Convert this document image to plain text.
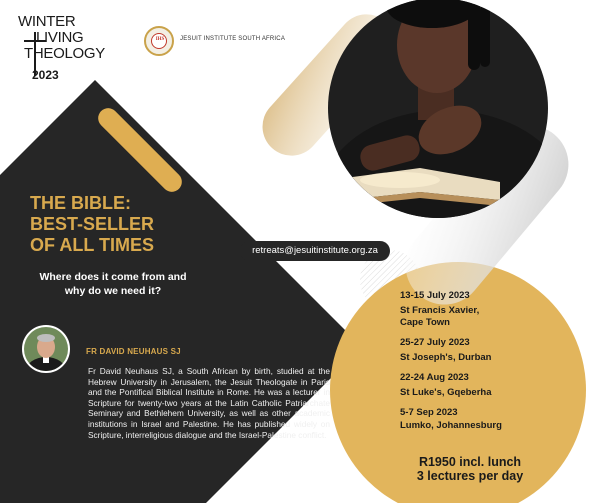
WINTER
LIVING
THEOLOGY
2023
IHS	JESUIT INSTITUTE SOUTH AFRICA
THE BIBLE:
BEST-SELLER
OF ALL TIMES
Where does it come from and
why do we need it?
retreats@jesuitinstitute.org.za
FR DAVID NEUHAUS SJ
Fr David Neuhaus SJ, a South African by birth, studied at the Hebrew University in Jerusalem, the Jesuit Theologate in Paris and the Pontifical Biblical Institute in Rome. He was a lecturer in Scripture for twenty-two years at the Latin Catholic Patriarchate Seminary and Bethlehem University, as well as other academic institutions in Israel and Palestine. He has published widely on Scripture, interreligious dialogue and the Israel-Palestine conflict.
13-15 July 2023
St Francis Xavier,
Cape Town
25-27 July 2023
St Joseph's, Durban
22-24 Aug 2023
St Luke's, Gqeberha
5-7 Sep 2023
Lumko, Johannesburg
R1950 incl. lunch
3 lectures per day
